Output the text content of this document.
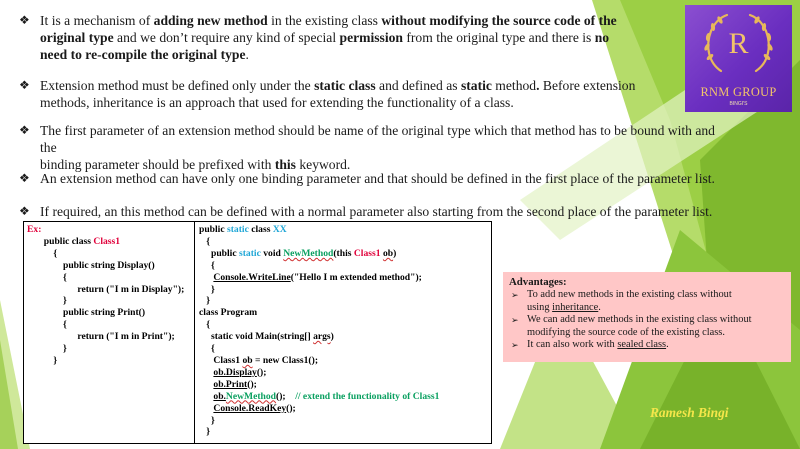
❖ It is a mechanism of adding new method in the existing class without modifying the source code of the
original type and we don’t require any kind of special permission from the original type and there is no
need to re-compile the original type.
❖ Extension method must be defined only under the static class and defined as static method. Before extension
methods, inheritance is an approach that used for extending the functionality of a class.
❖ The first parameter of an extension method should be name of the original type which that method has to be bound with and the
binding parameter should be prefixed with this keyword.
❖ An extension method can have only one binding parameter and that should be defined in the first place of the parameter list.
❖ If required, an this method can be defined with a normal parameter also starting from the second place of the parameter list.
Ex:
public class Class1
{
public string Display()
{
return ("I m in Display");
}
public string Print()
{
return ("I m in Print");
}
}
public static class XX
{
public static void NewMethod(this Class1 ob)
{
Console.WriteLine("Hello I m extended method");
}
}
class Program
{
static void Main(string[] args)
{
Class1 ob = new Class1();
ob.Display();
ob.Print();
ob.NewMethod(); // extend the functionality of Class1
Console.ReadKey();
}
}
Advantages:
➢ To add new methods in the existing class without
using inheritance.
➢ We can add new methods in the existing class without
modifying the source code of the existing class.
➢ It can also work with sealed class.
R
RNM GROUP
BINGI'S
Ramesh Bingi
